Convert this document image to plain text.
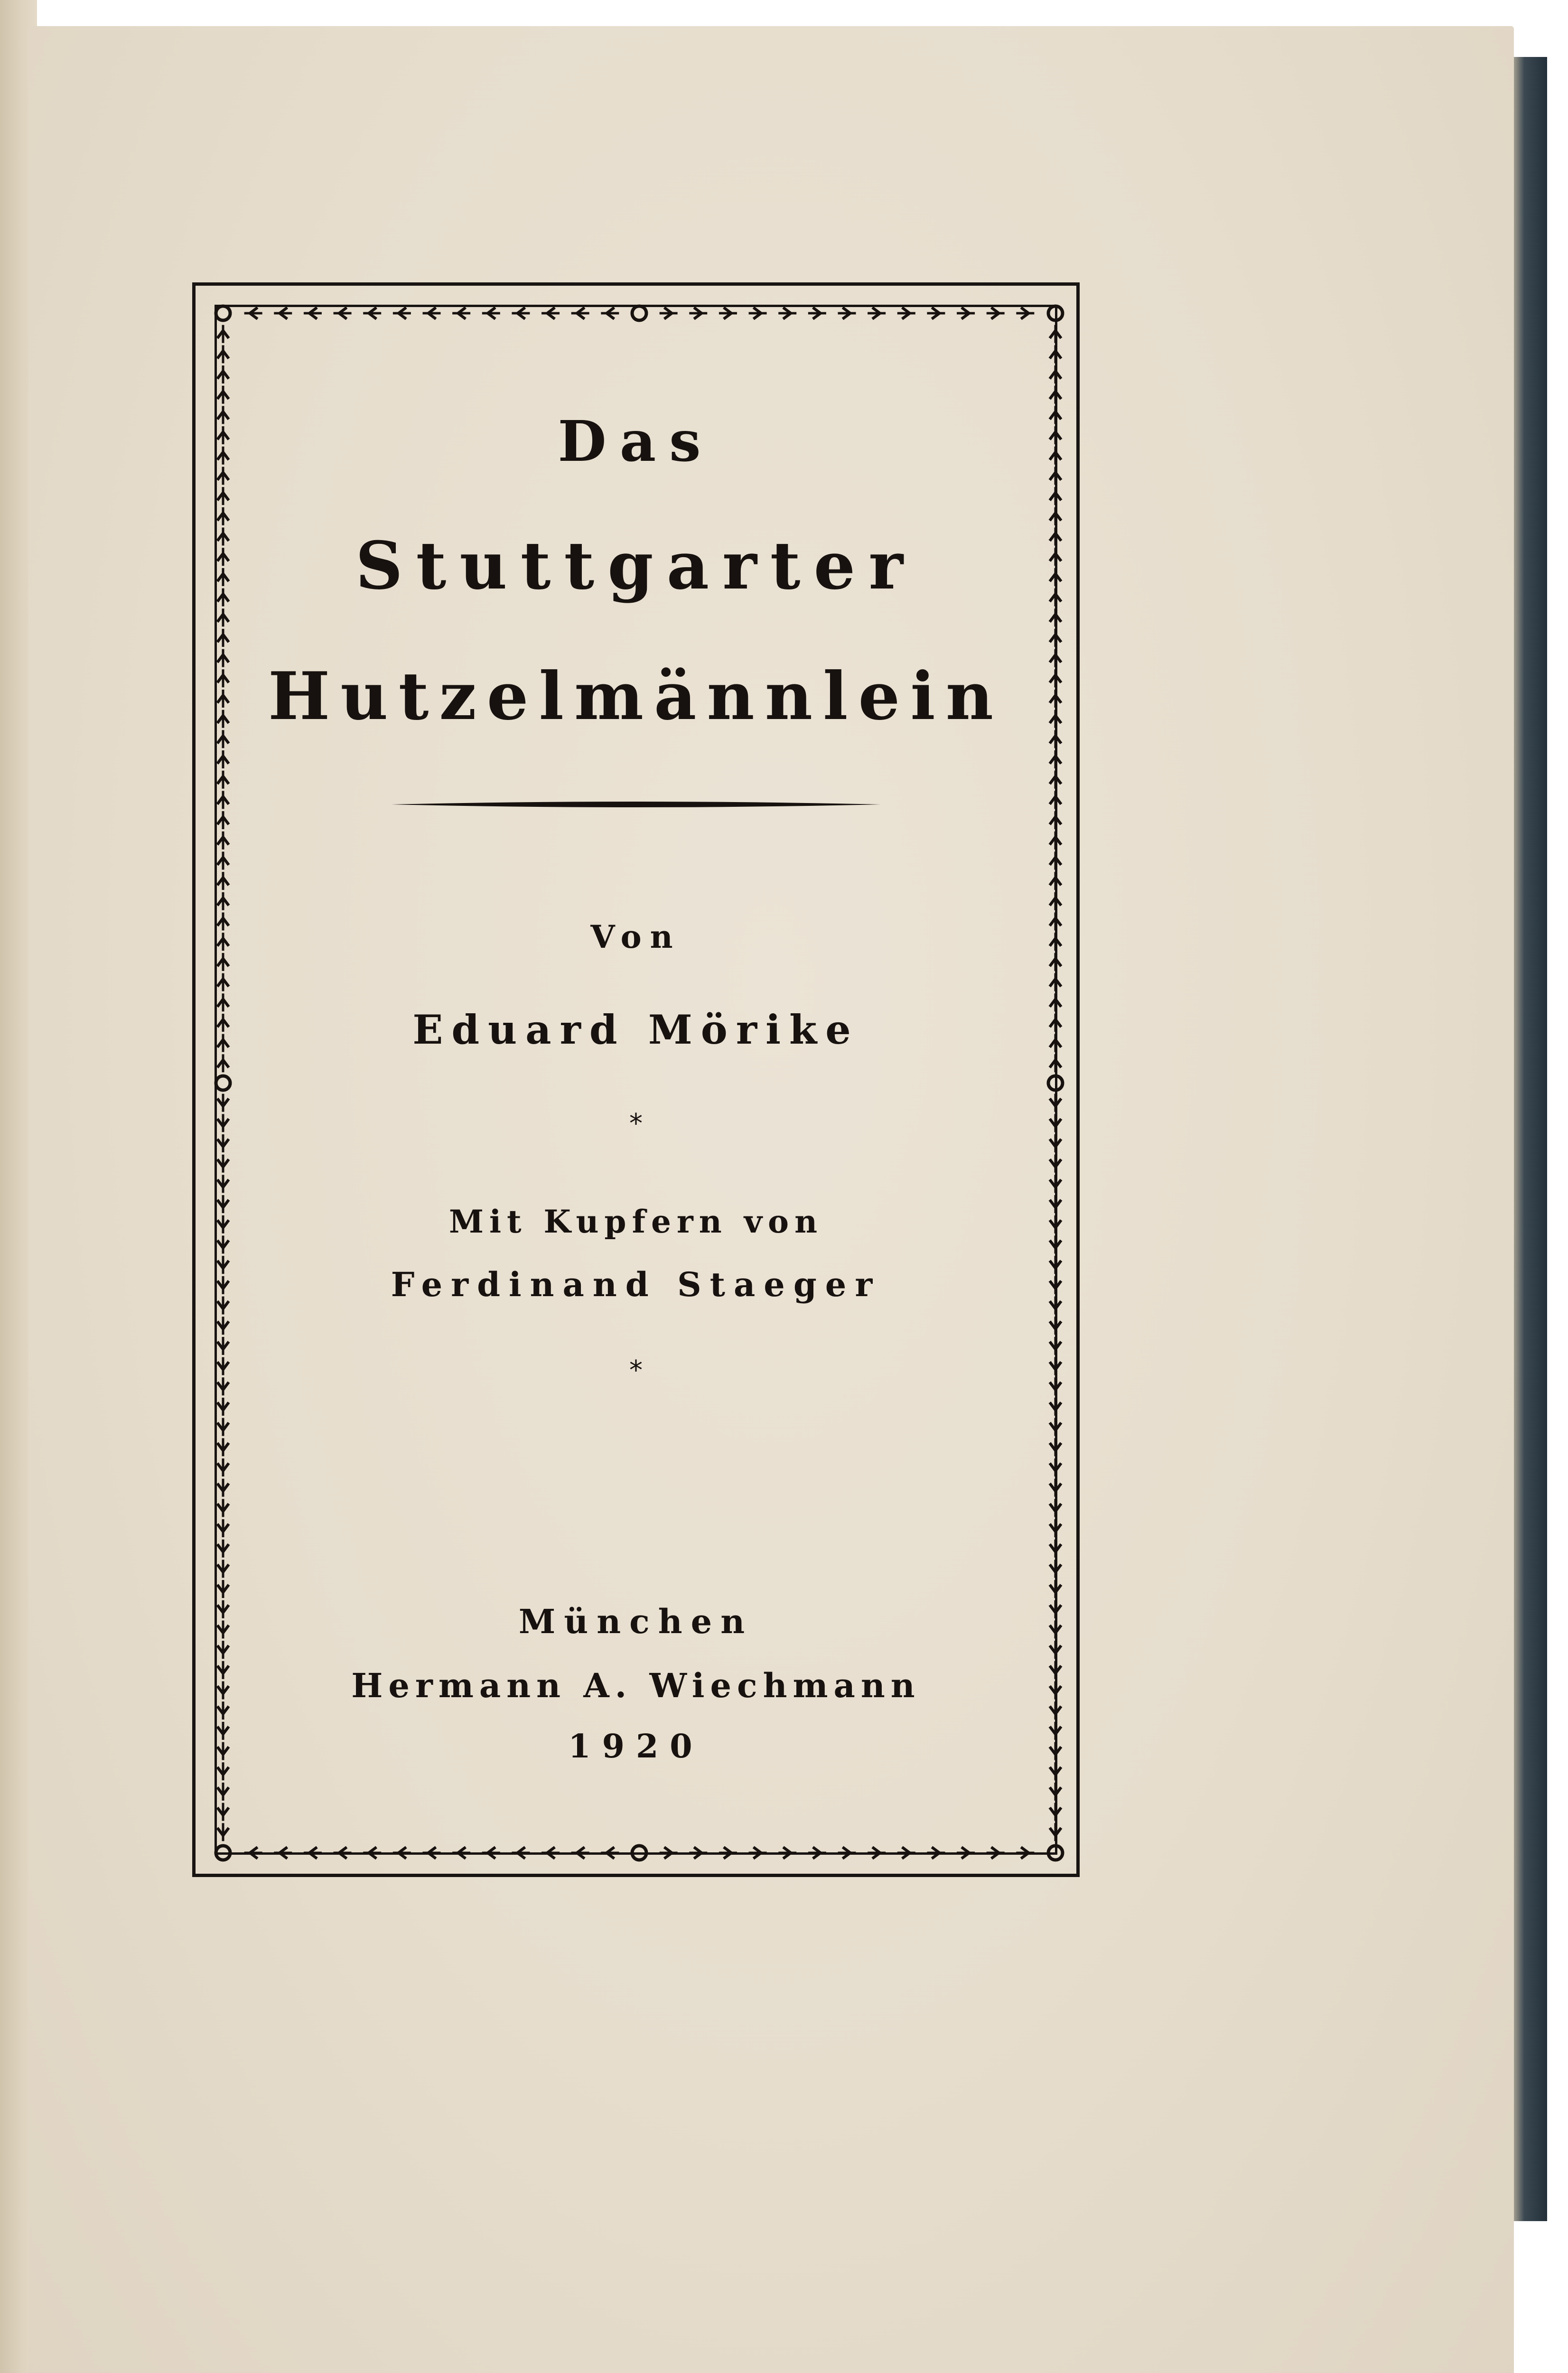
Das
Stuttgarter
Hutzelmännlein
Von
Eduard Mörike
*
Mit Kupfern von
Ferdinand Staeger
*
München
Hermann A. Wiechmann
1920
